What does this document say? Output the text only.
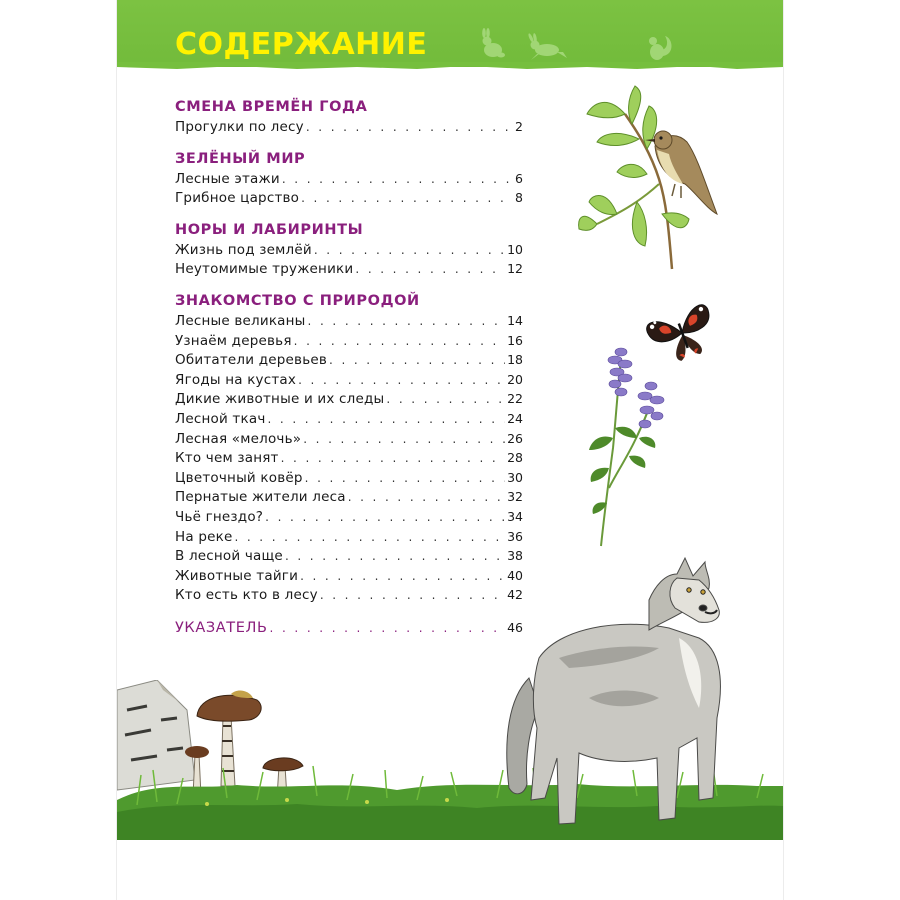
СОДЕРЖАНИЕ
СМЕНА ВРЕМЁН ГОДА
Прогулки по лесу . . .	2
ЗЕЛЁНЫЙ МИР
Лесные этажи . . .	6
Грибное царство . . .	8
НОРЫ И ЛАБИРИНТЫ
Жизнь под землёй . . .	10
Неутомимые труженики . . .	12
ЗНАКОМСТВО С ПРИРОДОЙ
Лесные великаны . . .	14
Узнаём деревья . . .	16
Обитатели деревьев . . .	18
Ягоды на кустах . . .	20
Дикие животные и их следы . . .	22
Лесной ткач . . .	24
Лесная «мелочь» . . .	26
Кто чем занят . . .	28
Цветочный ковёр . . .	30
Пернатые жители леса . . .	32
Чьё гнездо? . . .	34
На реке . . .	36
В лесной чаще . . .	38
Животные тайги . . .	40
Кто есть кто в лесу . . .	42
УКАЗАТЕЛЬ . . .	46
